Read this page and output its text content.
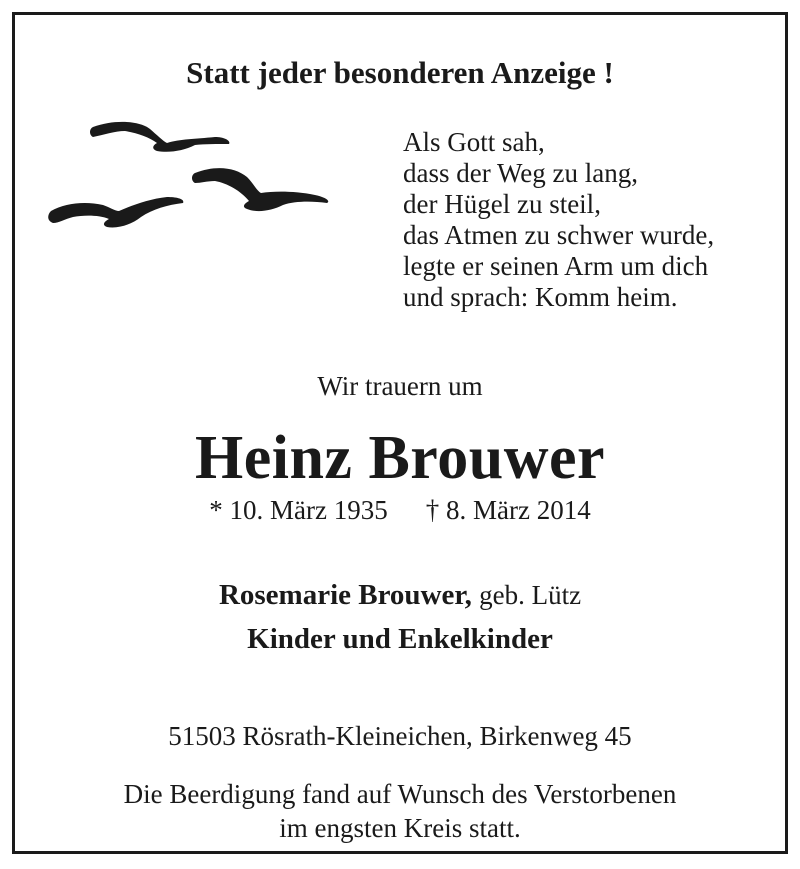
Statt jeder besonderen Anzeige !
Als Gott sah,
dass der Weg zu lang,
der Hügel zu steil,
das Atmen zu schwer wurde,
legte er seinen Arm um dich
und sprach: Komm heim.
Wir trauern um
Heinz Brouwer
* 10. März 1935 † 8. März 2014
Rosemarie Brouwer, geb. Lütz
Kinder und Enkelkinder
51503 Rösrath-Kleineichen, Birkenweg 45
Die Beerdigung fand auf Wunsch des Verstorbenen
im engsten Kreis statt.
